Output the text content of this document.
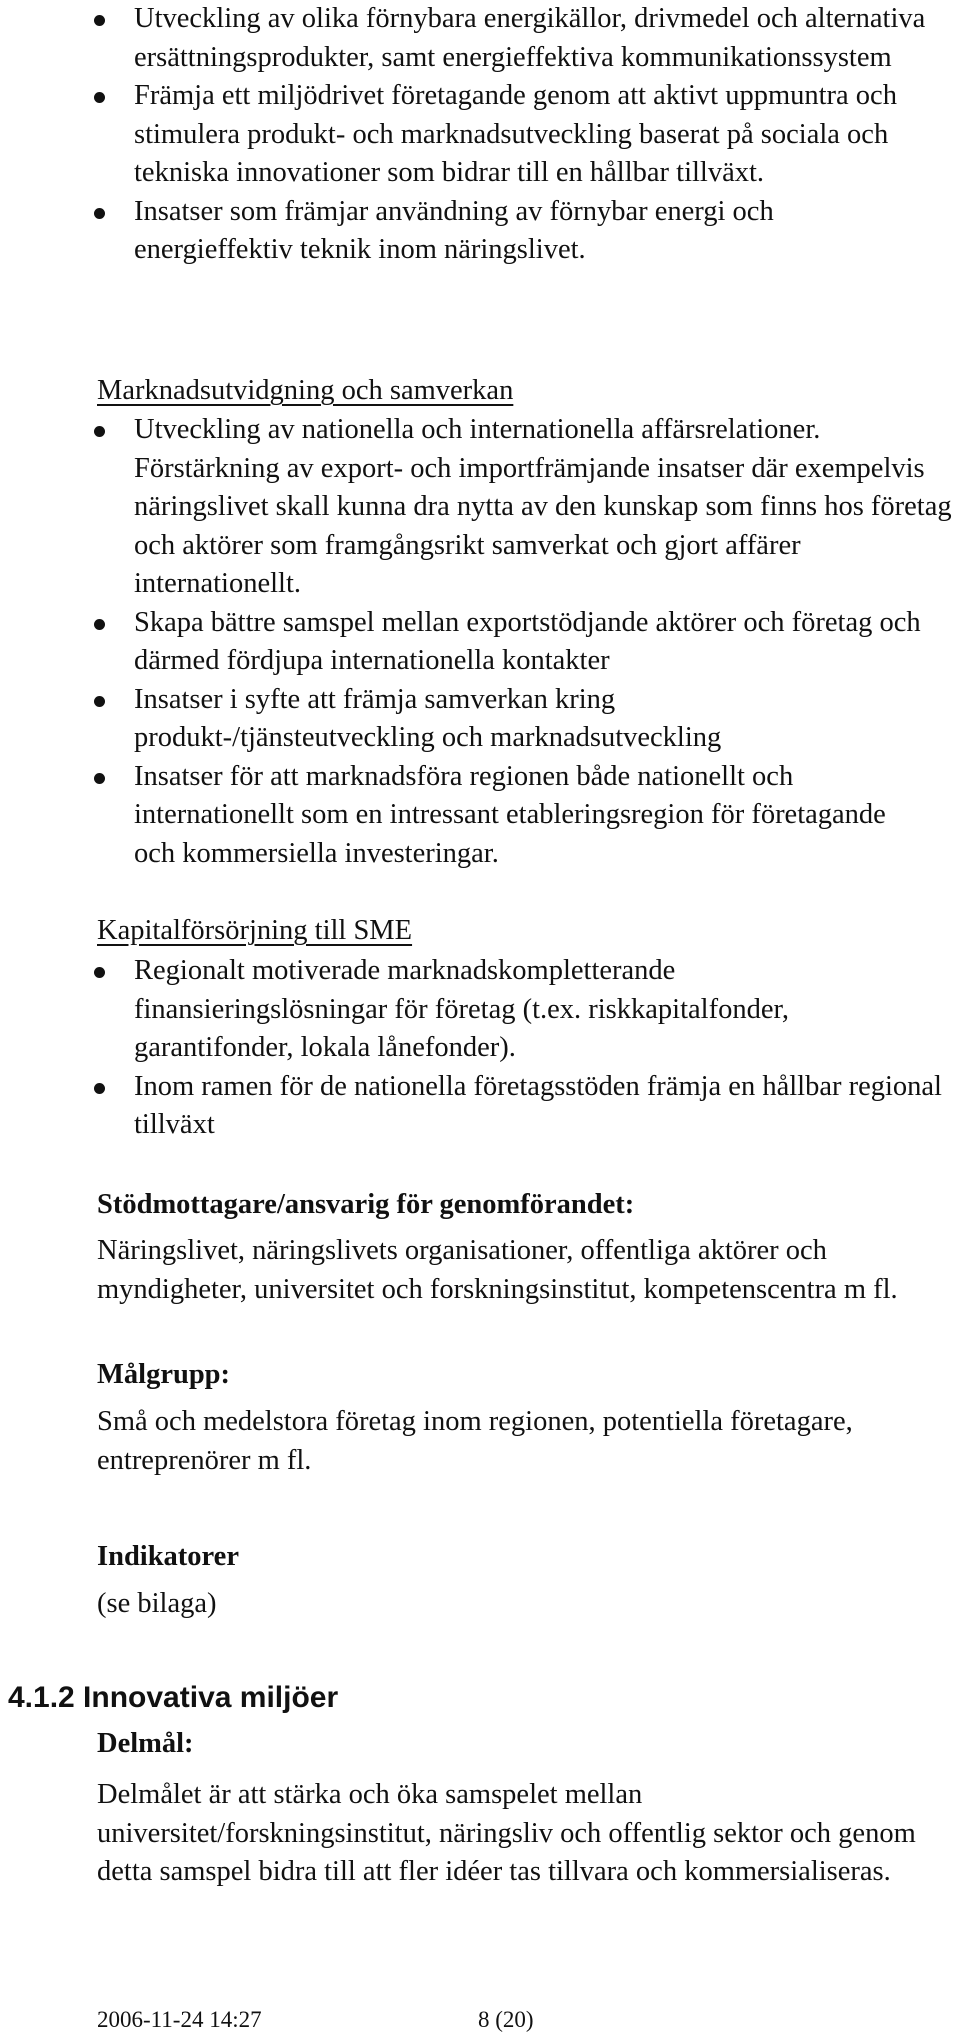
Utveckling av olika förnybara energikällor, drivmedel och alternativa ersättningsprodukter, samt energieffektiva kommunikationssystem
Främja ett miljödrivet företagande genom att aktivt uppmuntra och stimulera produkt- och marknadsutveckling baserat på sociala och tekniska innovationer som bidrar till en hållbar tillväxt.
Insatser som främjar användning av förnybar energi och energieffektiv teknik inom näringslivet.

Marknadsutvidgning och samverkan

Utveckling av nationella och internationella affärsrelationer. Förstärkning av export- och importfrämjande insatser där exempelvis näringslivet skall kunna dra nytta av den kunskap som finns hos företag och aktörer som framgångsrikt samverkat och gjort affärer internationellt.
Skapa bättre samspel mellan exportstödjande aktörer och företag och därmed fördjupa internationella kontakter
Insatser i syfte att främja samverkan kring produkt-/tjänsteutveckling och marknadsutveckling
Insatser för att marknadsföra regionen både nationellt och internationellt som en intressant etableringsregion för företagande och kommersiella investeringar.

Kapitalförsörjning till SME

Regionalt motiverade marknadskompletterande finansieringslösningar för företag (t.ex. riskkapitalfonder, garantifonder, lokala lånefonder).
Inom ramen för de nationella företagsstöden främja en hållbar regional tillväxt

Stödmottagare/ansvarig för genomförandet:

Näringslivet, näringslivets organisationer, offentliga aktörer och myndigheter, universitet och forskningsinstitut, kompetenscentra m fl.

Målgrupp:

Små och medelstora företag inom regionen, potentiella företagare, entreprenörer m fl.

Indikatorer

(se bilaga)

4.1.2 Innovativa miljöer

Delmål:

Delmålet är att stärka och öka samspelet mellan universitet/forskningsinstitut, näringsliv och offentlig sektor och genom detta samspel bidra till att fler idéer tas tillvara och kommersialiseras.

2006-11-24 14:27	8 (20)
